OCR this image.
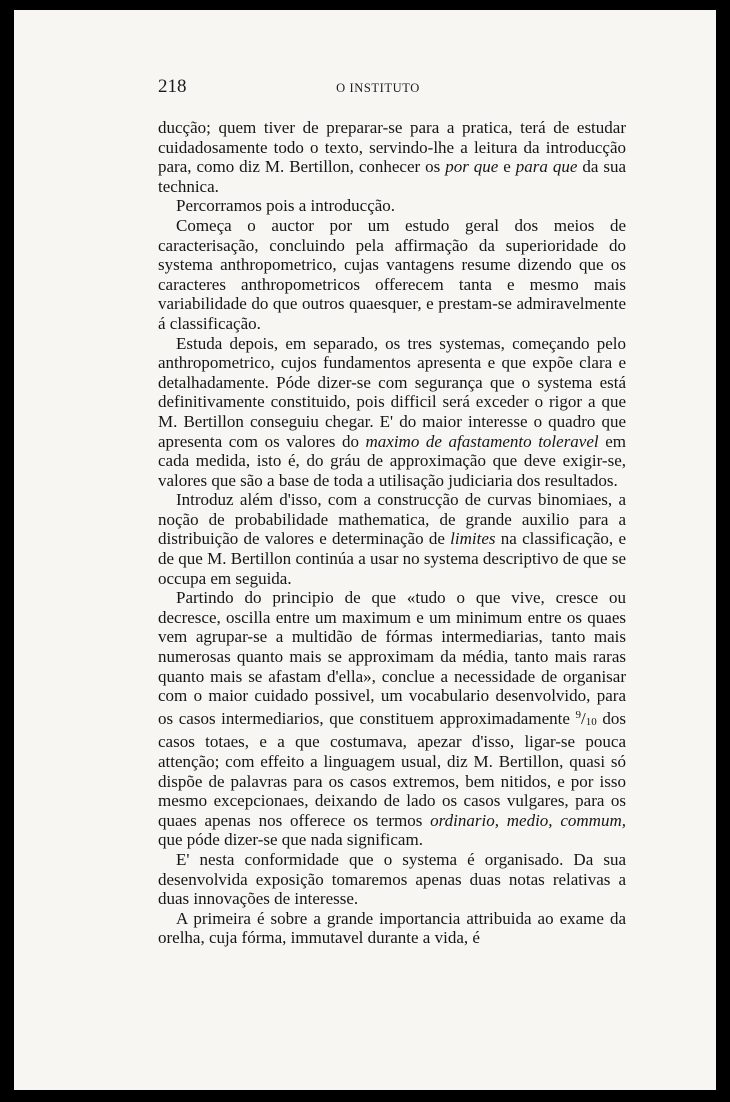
218	O INSTITUTO

ducção; quem tiver de preparar-se para a pratica, terá de estudar cuidadosamente todo o texto, servindo-lhe a leitura da introducção para, como diz M. Bertillon, conhecer os por que e para que da sua technica.

Percorramos pois a introducção.

Começa o auctor por um estudo geral dos meios de caracterisação, concluindo pela affirmação da superioridade do systema anthropometrico, cujas vantagens resume dizendo que os caracteres anthropometricos offerecem tanta e mesmo mais variabilidade do que outros quaesquer, e prestam-se admiravelmente á classificação.

Estuda depois, em separado, os tres systemas, começando pelo anthropometrico, cujos fundamentos apresenta e que expõe clara e detalhadamente. Póde dizer-se com segurança que o systema está definitivamente constituido, pois difficil será exceder o rigor a que M. Bertillon conseguiu chegar. E' do maior interesse o quadro que apresenta com os valores do maximo de afastamento toleravel em cada medida, isto é, do gráu de approximação que deve exigir-se, valores que são a base de toda a utilisação judiciaria dos resultados.

Introduz além d'isso, com a construcção de curvas binomiaes, a noção de probabilidade mathematica, de grande auxilio para a distribuição de valores e determinação de limites na classificação, e de que M. Bertillon continúa a usar no systema descriptivo de que se occupa em seguida.

Partindo do principio de que «tudo o que vive, cresce ou decresce, oscilla entre um maximum e um minimum entre os quaes vem agrupar-se a multidão de fórmas intermediarias, tanto mais numerosas quanto mais se approximam da média, tanto mais raras quanto mais se afastam d'ella», conclue a necessidade de organisar com o maior cuidado possivel, um vocabulario desenvolvido, para os casos intermediarios, que constituem approximadamente $^9/_{10}$ dos casos totaes, e a que costumava, apezar d'isso, ligar-se pouca attenção; com effeito a linguagem usual, diz M. Bertillon, quasi só dispõe de palavras para os casos extremos, bem nitidos, e por isso mesmo excepcionaes, deixando de lado os casos vulgares, para os quaes apenas nos offerece os termos ordinario, medio, commum, que póde dizer-se que nada significam.

E' nesta conformidade que o systema é organisado. Da sua desenvolvida exposição tomaremos apenas duas notas relativas a duas innovações de interesse.

A primeira é sobre a grande importancia attribuida ao exame da orelha, cuja fórma, immutavel durante a vida, é
